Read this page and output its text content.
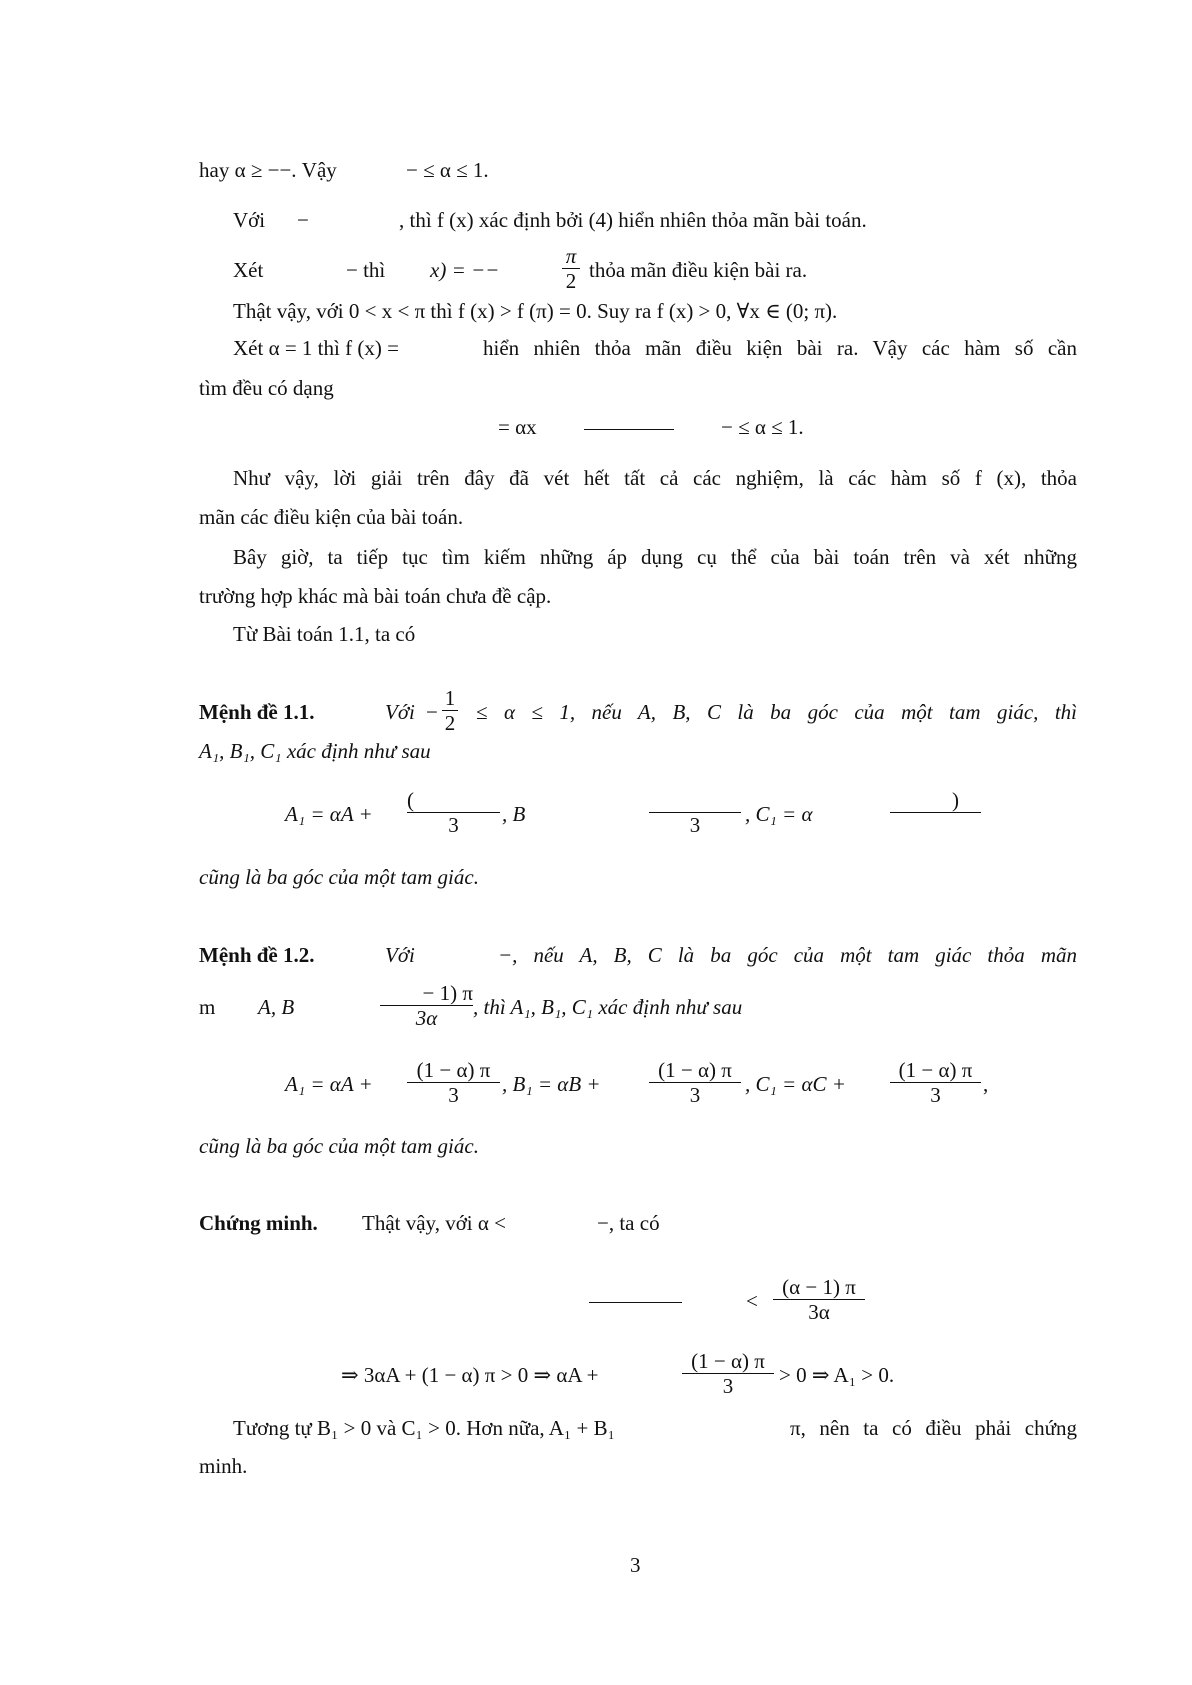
hay α ≥ −−. Vậy	− ≤ α ≤ 1.
Với −	, thì f (x) xác định bởi (4) hiển nhiên thỏa mãn bài toán.
Xét	− thì x) = −−
π
2 thỏa mãn điều kiện bài ra.
Thật vậy, với 0 < x < π thì f (x) > f (π) = 0. Suy ra f (x) > 0, ∀x ∈ (0; π).
Xét α = 1 thì f (x) =	hiển nhiên thỏa mãn điều kiện bài ra. Vậy các hàm số cần
tìm đều có dạng
= αx	− ≤ α ≤ 1.
Như vậy, lời giải trên đây đã vét hết tất cả các nghiệm, là các hàm số f (x), thỏa
mãn các điều kiện của bài toán.
Bây giờ, ta tiếp tục tìm kiếm những áp dụng cụ thể của bài toán trên và xét những
trường hợp khác mà bài toán chưa đề cập.
Từ Bài toán 1.1, ta có
Mệnh đề 1.1.	Với −
1
2 ≤ α ≤ 1, nếu A, B, C là ba góc của một tam giác, thì
A₁, B₁, C₁ xác định như sau
A₁ = αA +
(
3	, B	3	, C₁ = α
)
cũng là ba góc của một tam giác.
Mệnh đề 1.2.	Với	−, nếu A, B, C là ba góc của một tam giác thỏa mãn
m A, B
− 1) π
3α	, thì A₁, B₁, C₁ xác định như sau
A₁ = αA +
(1 − α) π
3	, B₁ = αB +
(1 − α) π
3	, C₁ = αC +
(1 − α) π
3	,
cũng là ba góc của một tam giác.
Chứng minh. Thật vậy, với α <	−, ta có
<
(α − 1) π
3α
⇒ 3αA + (1 − α) π > 0 ⇒ αA +
(1 − α) π
3	> 0 ⇒ A₁ > 0.
Tương tự B₁ > 0 và C₁ > 0. Hơn nữa, A₁ + B₁	π, nên ta có điều phải chứng
minh.
3
